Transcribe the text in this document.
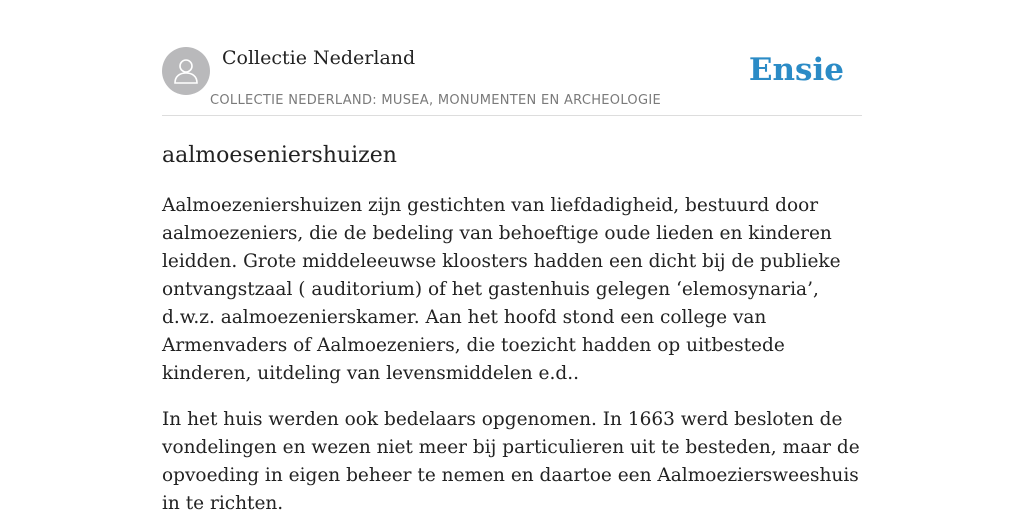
Collectie Nederland
COLLECTIE NEDERLAND: MUSEA, MONUMENTEN EN ARCHEOLOGIE
Ensie
aalmoeseniershuizen

Aalmoezeniershuizen zijn gestichten van liefdadigheid, bestuurd door aalmoezeniers, die de bedeling van behoeftige oude lieden en kinderen leidden. Grote middeleeuwse kloosters hadden een dicht bij de publieke ontvangstzaal ( auditorium) of het gastenhuis gelegen ‘elemosynaria’, d.w.z. aalmoezenierskamer. Aan het hoofd stond een college van Armenvaders of Aalmoezeniers, die toezicht hadden op uitbestede kinderen, uitdeling van levensmiddelen e.d..

In het huis werden ook bedelaars opgenomen. In 1663 werd besloten de vondelingen en wezen niet meer bij particulieren uit te besteden, maar de opvoeding in eigen beheer te nemen en daartoe een Aalmoeziersweeshuis in te richten.
